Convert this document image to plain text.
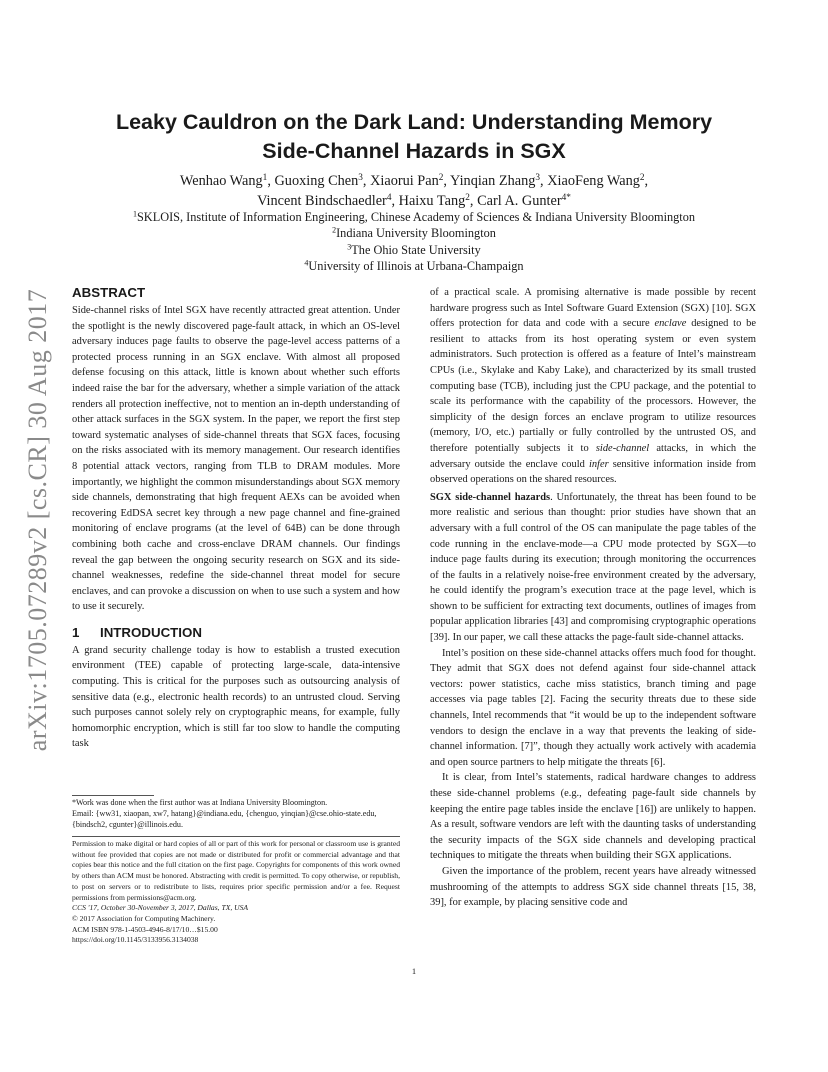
arXiv:1705.07289v2 [cs.CR] 30 Aug 2017
Leaky Cauldron on the Dark Land: Understanding Memory
Side-Channel Hazards in SGX
Wenhao Wang$^1$, Guoxing Chen$^3$, Xiaorui Pan$^2$, Yinqian Zhang$^3$, XiaoFeng Wang$^2$,
Vincent Bindschaedler$^4$, Haixu Tang$^2$, Carl A. Gunter$^{4*}$
$^1$SKLOIS, Institute of Information Engineering, Chinese Academy of Sciences & Indiana University Bloomington
$^2$Indiana University Bloomington
$^3$The Ohio State University
$^4$University of Illinois at Urbana-Champaign
ABSTRACT

Side-channel risks of Intel SGX have recently attracted great attention. Under the spotlight is the newly discovered page-fault attack, in which an OS-level adversary induces page faults to observe the page-level access patterns of a protected process running in an SGX enclave. With almost all proposed defense focusing on this attack, little is known about whether such efforts indeed raise the bar for the adversary, whether a simple variation of the attack renders all protection ineffective, not to mention an in-depth understanding of other attack surfaces in the SGX system. In the paper, we report the first step toward systematic analyses of side-channel threats that SGX faces, focusing on the risks associated with its memory management. Our research identifies 8 potential attack vectors, ranging from TLB to DRAM modules. More importantly, we highlight the common misunderstandings about SGX memory side channels, demonstrating that high frequent AEXs can be avoided when recovering EdDSA secret key through a new page channel and fine-grained monitoring of enclave programs (at the level of 64B) can be done through combining both cache and cross-enclave DRAM channels. Our findings reveal the gap between the ongoing security research on SGX and its side-channel weaknesses, redefine the side-channel threat model for secure enclaves, and can provoke a discussion on when to use such a system and how to use it securely.

1 INTRODUCTION

A grand security challenge today is how to establish a trusted execution environment (TEE) capable of protecting large-scale, data-intensive computing. This is critical for the purposes such as outsourcing analysis of sensitive data (e.g., electronic health records) to an untrusted cloud. Serving such purposes cannot solely rely on cryptographic means, for example, fully homomorphic encryption, which is still far too slow to handle the computing task

*Work was done when the first author was at Indiana University Bloomington.
Email: {ww31, xiaopan, xw7, hatang}@indiana.edu, {chenguo, yinqian}@cse.ohio-state.edu, {bindsch2, cgunter}@illinois.edu.
Permission to make digital or hard copies of all or part of this work for personal or classroom use is granted without fee provided that copies are not made or distributed for profit or commercial advantage and that copies bear this notice and the full citation on the first page. Copyrights for components of this work owned by others than ACM must be honored. Abstracting with credit is permitted. To copy otherwise, or republish, to post on servers or to redistribute to lists, requires prior specific permission and/or a fee. Request permissions from permissions@acm.org.
CCS '17, October 30-November 3, 2017, Dallas, TX, USA
© 2017 Association for Computing Machinery.
ACM ISBN 978-1-4503-4946-8/17/10…$15.00
https://doi.org/10.1145/3133956.3134038

of a practical scale. A promising alternative is made possible by recent hardware progress such as Intel Software Guard Extension (SGX) [10]. SGX offers protection for data and code with a secure enclave designed to be resilient to attacks from its host operating system or even system administrators. Such protection is offered as a feature of Intel’s mainstream CPUs (i.e., Skylake and Kaby Lake), and characterized by its small trusted computing base (TCB), including just the CPU package, and the potential to scale its performance with the capability of the processors. However, the simplicity of the design forces an enclave program to utilize resources (memory, I/O, etc.) partially or fully controlled by the untrusted OS, and therefore potentially subjects it to side-channel attacks, in which the adversary outside the enclave could infer sensitive information inside from observed operations on the shared resources.

SGX side-channel hazards. Unfortunately, the threat has been found to be more realistic and serious than thought: prior studies have shown that an adversary with a full control of the OS can manipulate the page tables of the code running in the enclave-mode—a CPU mode protected by SGX—to induce page faults during its execution; through monitoring the occurrences of the faults in a relatively noise-free environment created by the adversary, he could identify the program’s execution trace at the page level, which is shown to be sufficient for extracting text documents, outlines of images from popular application libraries [43] and compromising cryptographic operations [39]. In our paper, we call these attacks the page-fault side-channel attacks.

Intel’s position on these side-channel attacks offers much food for thought. They admit that SGX does not defend against four side-channel attack vectors: power statistics, cache miss statistics, branch timing and page accesses via page tables [2]. Facing the security threats due to these side channels, Intel recommends that “it would be up to the independent software vendors to design the enclave in a way that prevents the leaking of side-channel information. [7]”, though they actually work actively with academia and open source partners to help mitigate the threats [6].

It is clear, from Intel’s statements, radical hardware changes to address these side-channel problems (e.g., defeating page-fault side channels by keeping the entire page tables inside the enclave [16]) are unlikely to happen. As a result, software vendors are left with the daunting tasks of understanding the security impacts of the SGX side channels and developing practical techniques to mitigate the threats when building their SGX applications.

Given the importance of the problem, recent years have already witnessed mushrooming of the attempts to address SGX side channel threats [15, 38, 39], for example, by placing sensitive code and

1
